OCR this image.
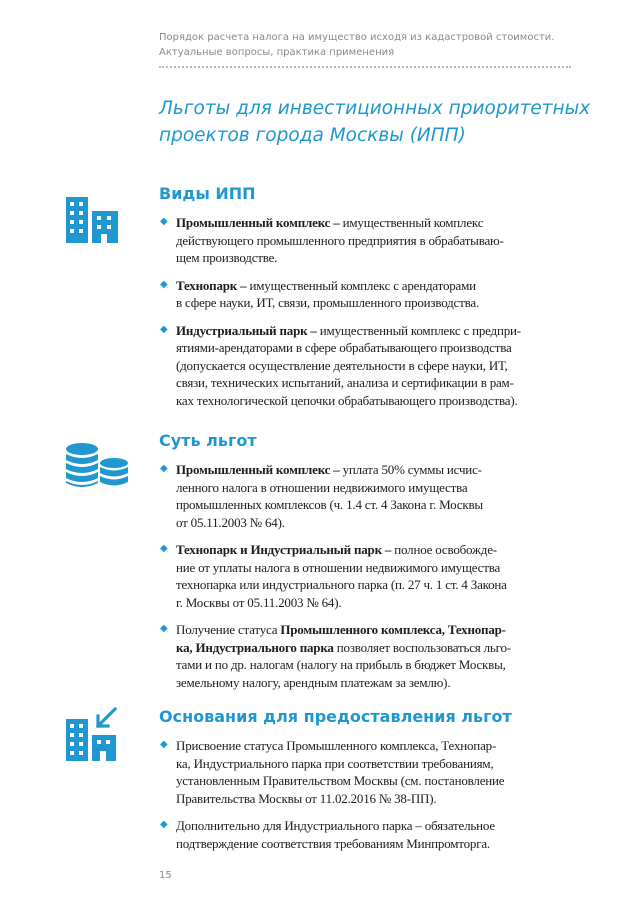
Порядок расчета налога на имущество исходя из кадастровой стоимости.
Актуальные вопросы, практика применения
Льготы для инвестиционных приоритетных
проектов города Москвы (ИПП)
Виды ИПП
◆ Промышленный комплекс – имущественный комплекс
действующего промышленного предприятия в обрабатываю-
щем производстве.
◆ Технопарк – имущественный комплекс с арендаторами
в сфере науки, ИТ, связи, промышленного производства.
◆ Индустриальный парк – имущественный комплекс с предпри-
ятиями-арендаторами в сфере обрабатывающего производства
(допускается осуществление деятельности в сфере науки, ИТ,
связи, технических испытаний, анализа и сертификации в рам-
ках технологической цепочки обрабатывающего производства).
Суть льгот
◆ Промышленный комплекс – уплата 50% суммы исчис-
ленного налога в отношении недвижимого имущества
промышленных комплексов (ч. 1.4 ст. 4 Закона г. Москвы
от 05.11.2003 № 64).
◆ Технопарк и Индустриальный парк – полное освобожде-
ние от уплаты налога в отношении недвижимого имущества
технопарка или индустриального парка (п. 27 ч. 1 ст. 4 Закона
г. Москвы от 05.11.2003 № 64).
◆ Получение статуса Промышленного комплекса, Технопар-
ка, Индустриального парка позволяет воспользоваться льго-
тами и по др. налогам (налогу на прибыль в бюджет Москвы,
земельному налогу, арендным платежам за землю).
Основания для предоставления льгот
◆ Присвоение статуса Промышленного комплекса, Технопар-
ка, Индустриального парка при соответствии требованиям,
установленным Правительством Москвы (см. постановление
Правительства Москвы от 11.02.2016 № 38-ПП).
◆ Дополнительно для Индустриального парка – обязательное
подтверждение соответствия требованиям Минпромторга.
15
